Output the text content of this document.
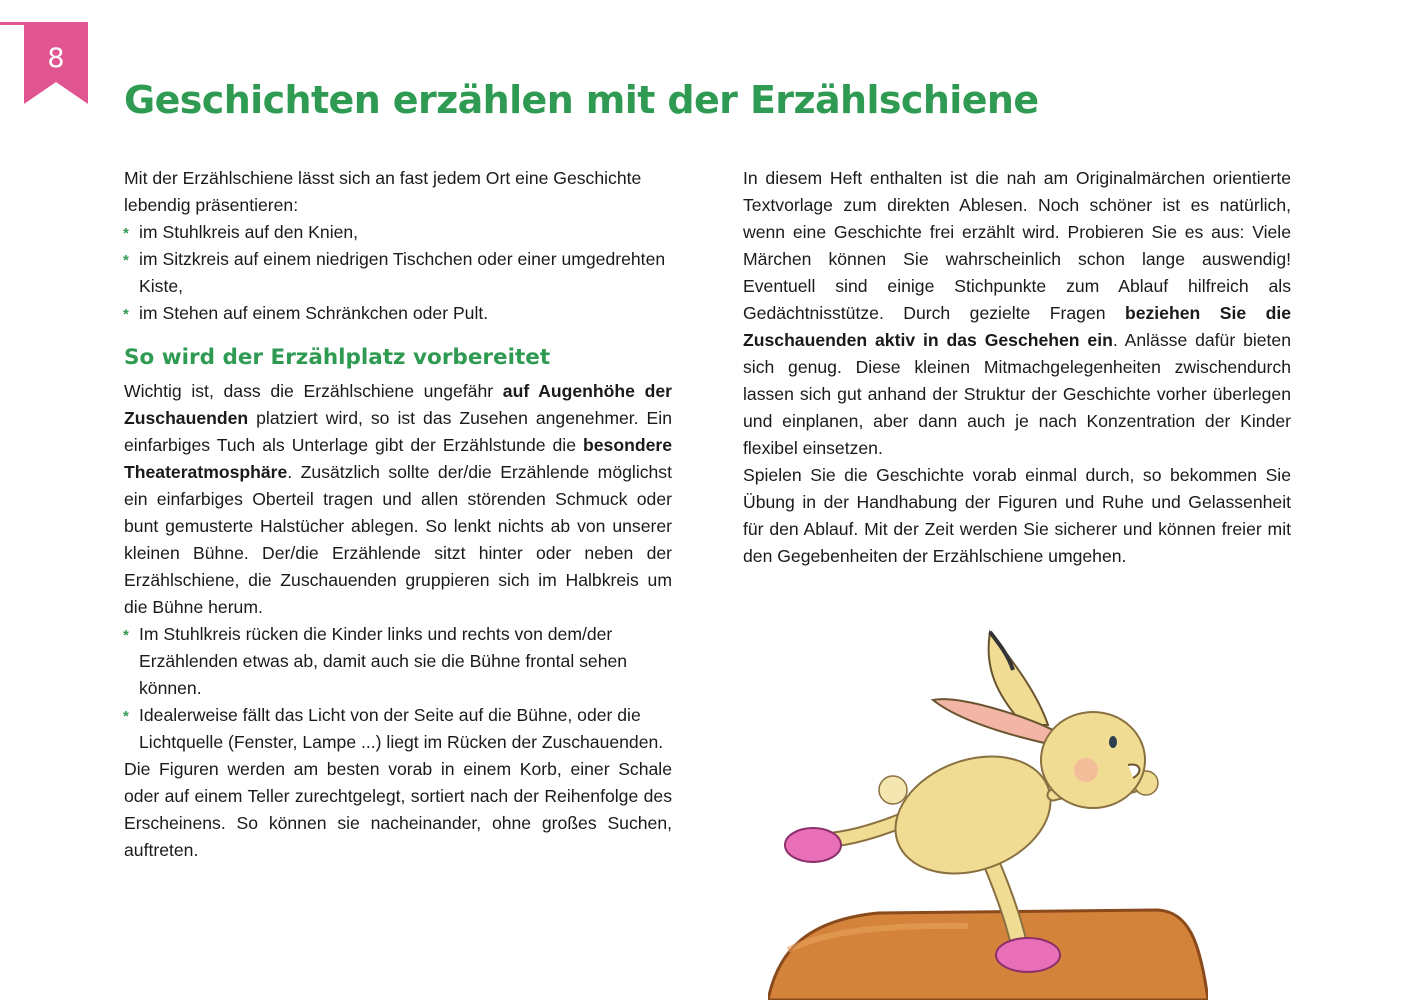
8
Geschichten erzählen mit der Erzählschiene

Mit der Erzählschiene lässt sich an fast jedem Ort eine Geschichte lebendig präsentieren:

* im Stuhlkreis auf den Knien,
* im Sitzkreis auf einem niedrigen Tischchen oder einer umgedrehten Kiste,
* im Stehen auf einem Schränkchen oder Pult.
So wird der Erzählplatz vorbereitet

Wichtig ist, dass die Erzählschiene ungefähr auf Augenhöhe der Zuschauenden platziert wird, so ist das Zusehen angenehmer. Ein einfarbiges Tuch als Unterlage gibt der Erzählstunde die besondere Theateratmosphäre. Zusätzlich sollte der/die Erzählende möglichst ein einfarbiges Oberteil tragen und allen störenden Schmuck oder bunt gemusterte Halstücher ablegen. So lenkt nichts ab von unserer kleinen Bühne. Der/die Erzählende sitzt hinter oder neben der Erzählschiene, die Zuschauenden gruppieren sich im Halbkreis um die Bühne herum.

* Im Stuhlkreis rücken die Kinder links und rechts von dem/der Erzählenden etwas ab, damit auch sie die Bühne frontal sehen können.
* Idealerweise fällt das Licht von der Seite auf die Bühne, oder die Lichtquelle (Fenster, Lampe ...) liegt im Rücken der Zuschauenden.

Die Figuren werden am besten vorab in einem Korb, einer Schale oder auf einem Teller zurechtgelegt, sortiert nach der Reihenfolge des Erscheinens. So können sie nacheinander, ohne großes Suchen, auftreten.

In diesem Heft enthalten ist die nah am Originalmärchen orientierte Textvorlage zum direkten Ablesen. Noch schöner ist es natürlich, wenn eine Geschichte frei erzählt wird. Probieren Sie es aus: Viele Märchen können Sie wahrscheinlich schon lange auswendig! Eventuell sind einige Stichpunkte zum Ablauf hilfreich als Gedächtnisstütze. Durch gezielte Fragen beziehen Sie die Zuschauenden aktiv in das Geschehen ein. Anlässe dafür bieten sich genug. Diese kleinen Mitmachgelegenheiten zwischendurch lassen sich gut anhand der Struktur der Geschichte vorher überlegen und einplanen, aber dann auch je nach Konzentration der Kinder flexibel einsetzen.

Spielen Sie die Geschichte vorab einmal durch, so bekommen Sie Übung in der Handhabung der Figuren und Ruhe und Gelassenheit für den Ablauf. Mit der Zeit werden Sie sicherer und können freier mit den Gegebenheiten der Erzählschiene umgehen.
